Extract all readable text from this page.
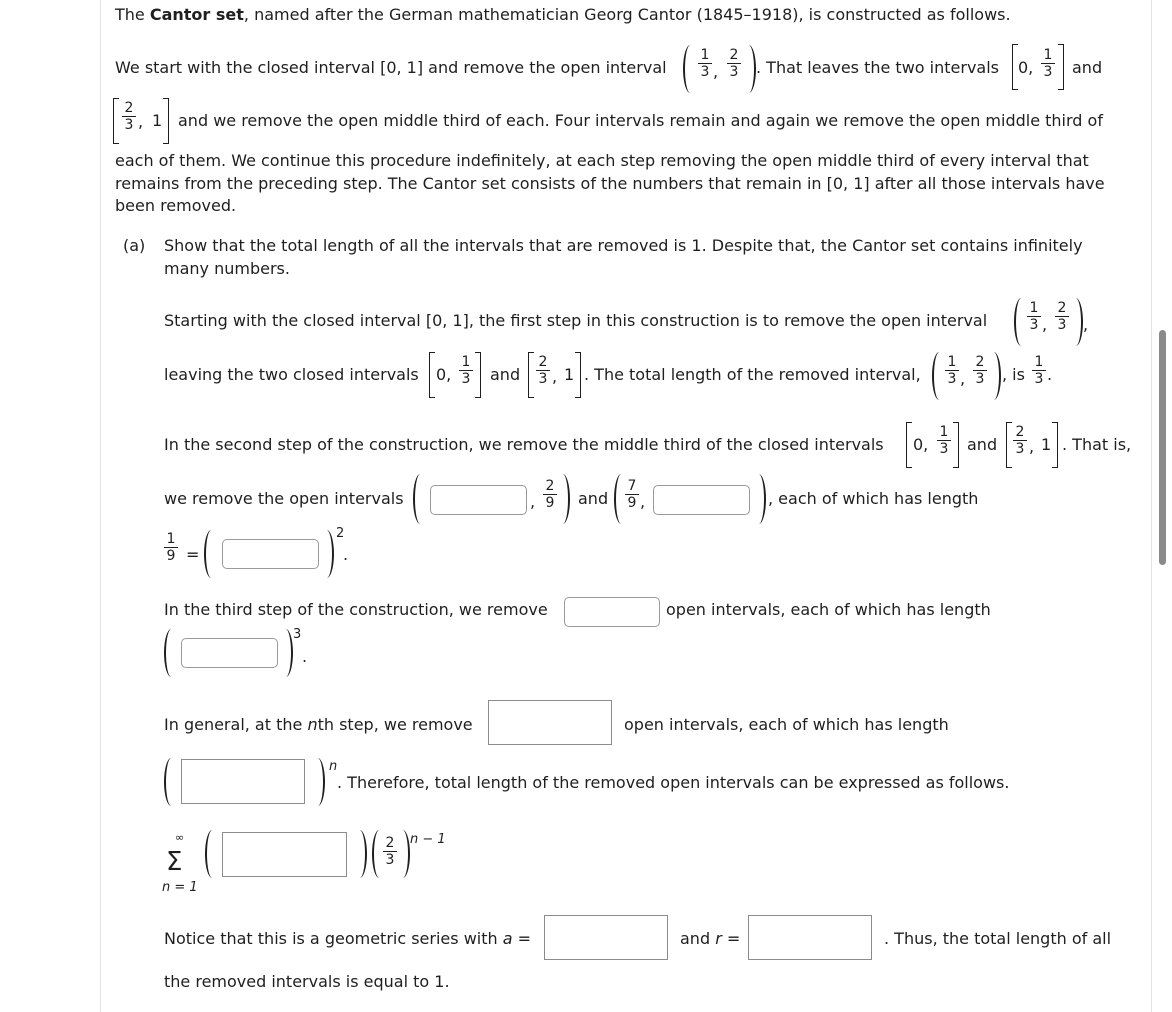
The Cantor set, named after the German mathematician Georg Cantor (1845–1918), is constructed as follows.
We start with the closed interval [0, 1] and remove the open interval $\frac{1}{3}$ , $\frac{2}{3}$ . That leaves the two intervals 0, $\frac{1}{3}$ and
$\frac{2}{3}$ , 1 and we remove the open middle third of each. Four intervals remain and again we remove the open middle third of
each of them. We continue this procedure indefinitely, at each step removing the open middle third of every interval that
remains from the preceding step. The Cantor set consists of the numbers that remain in [0, 1] after all those intervals have
been removed.
(a) Show that the total length of all the intervals that are removed is 1. Despite that, the Cantor set contains infinitely
many numbers.
Starting with the closed interval [0, 1], the first step in this construction is to remove the open interval	$\frac{1}{3}$ , $\frac{2}{3}$ ,
leaving the two closed intervals 0, $\frac{1}{3}$ and $\frac{2}{3}$ , 1 . The total length of the removed interval, $\frac{1}{3}$ , $\frac{2}{3}$ , is $\frac{1}{3}$ .
In the second step of the construction, we remove the middle third of the closed intervals 0, $\frac{1}{3}$ and $\frac{2}{3}$ , 1 . That is,
we remove the open intervals	, $\frac{2}{9}$ and $\frac{7}{9}$ ,	, each of which has length
$\frac{1}{9}$ =
2
.
In the third step of the construction, we remove	open intervals, each of which has length
3
.
In general, at the nth step, we remove	open intervals, each of which has length
n
. Therefore, total length of the removed open intervals can be expressed as follows.
∞
Σ
n = 1
$\frac{2}{3}$ n − 1
Notice that this is a geometric series with a =	and r =	. Thus, the total length of all
the removed intervals is equal to 1.
